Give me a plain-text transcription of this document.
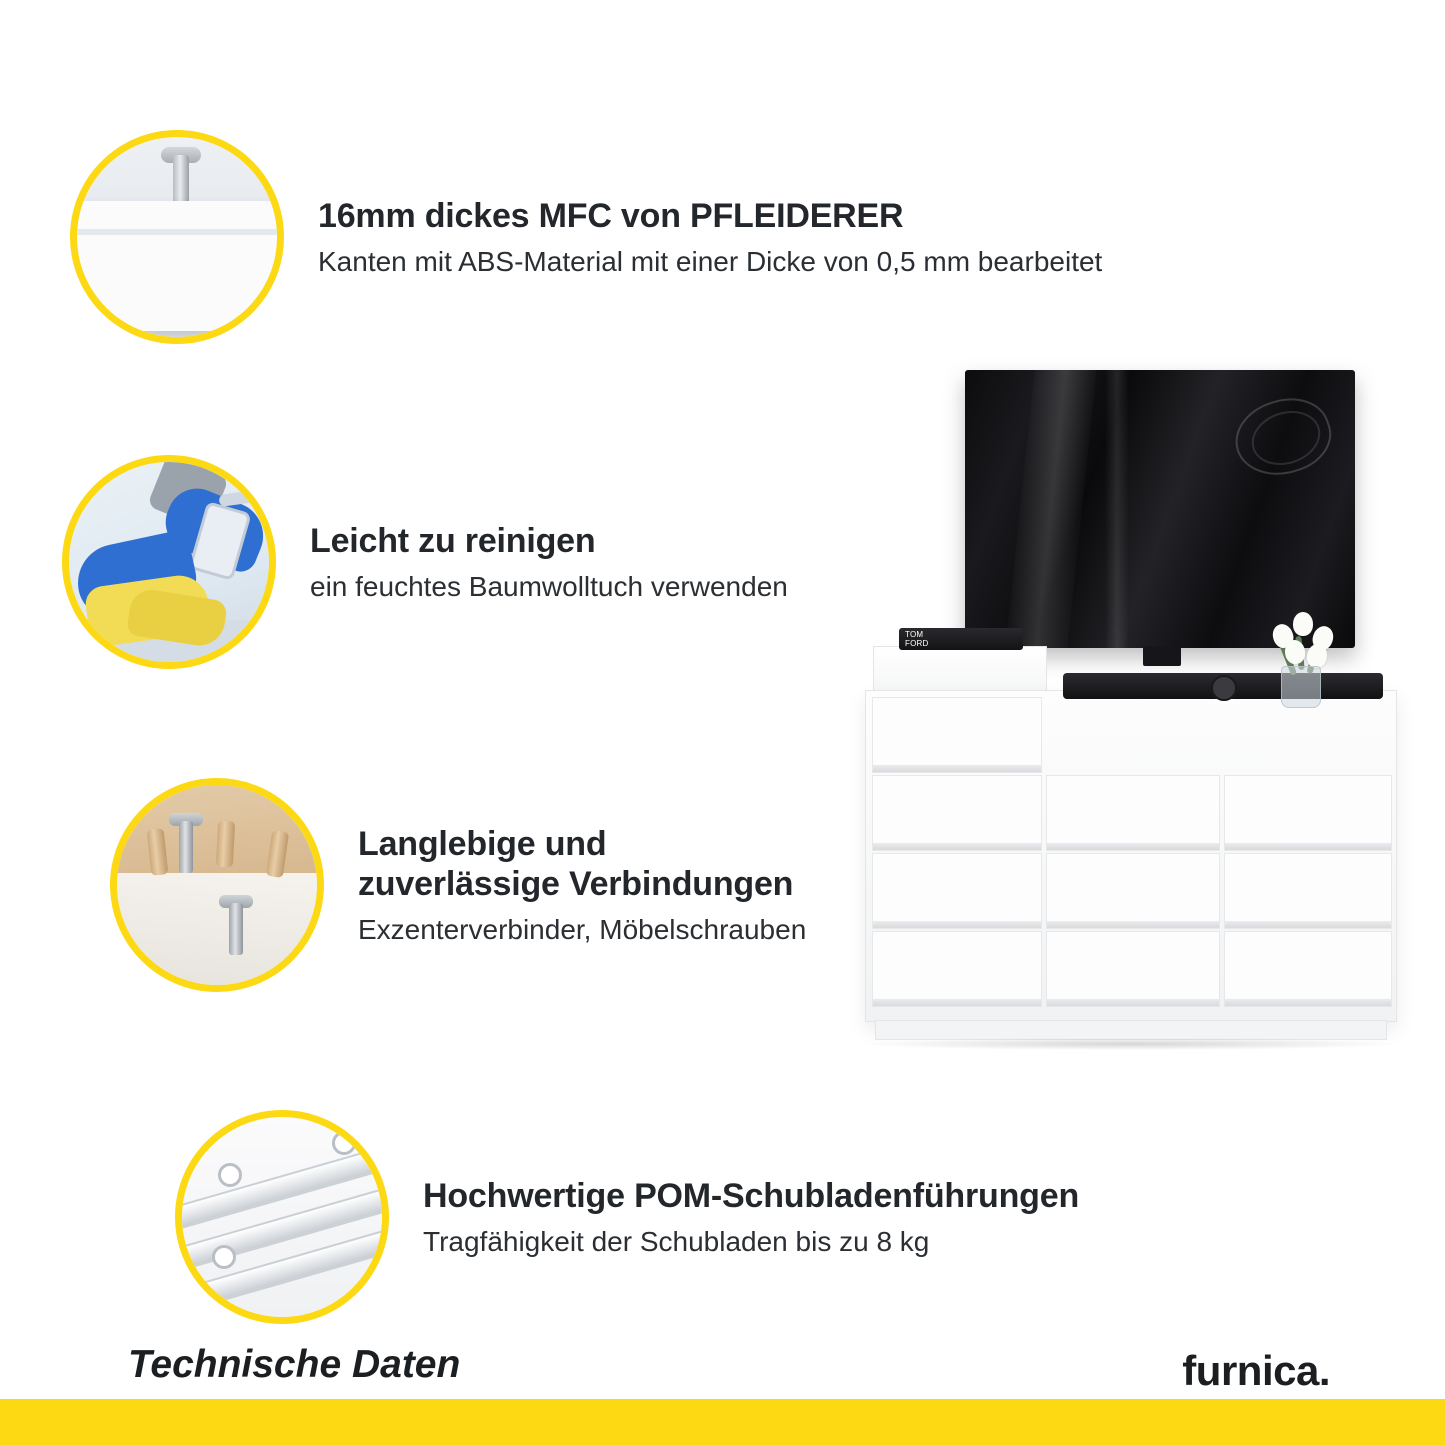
16mm dickes MFC von PFLEIDERER
Kanten mit ABS-Material mit einer Dicke von 0,5 mm bearbeitet
Leicht zu reinigen
ein feuchtes Baumwolltuch verwenden
Langlebige und
zuverlässige Verbindungen
Exzenterverbinder, Möbelschrauben
Hochwertige POM-Schubladenführungen
Tragfähigkeit der Schubladen bis zu 8 kg
TOM
FORD
Technische Daten	furnica.
